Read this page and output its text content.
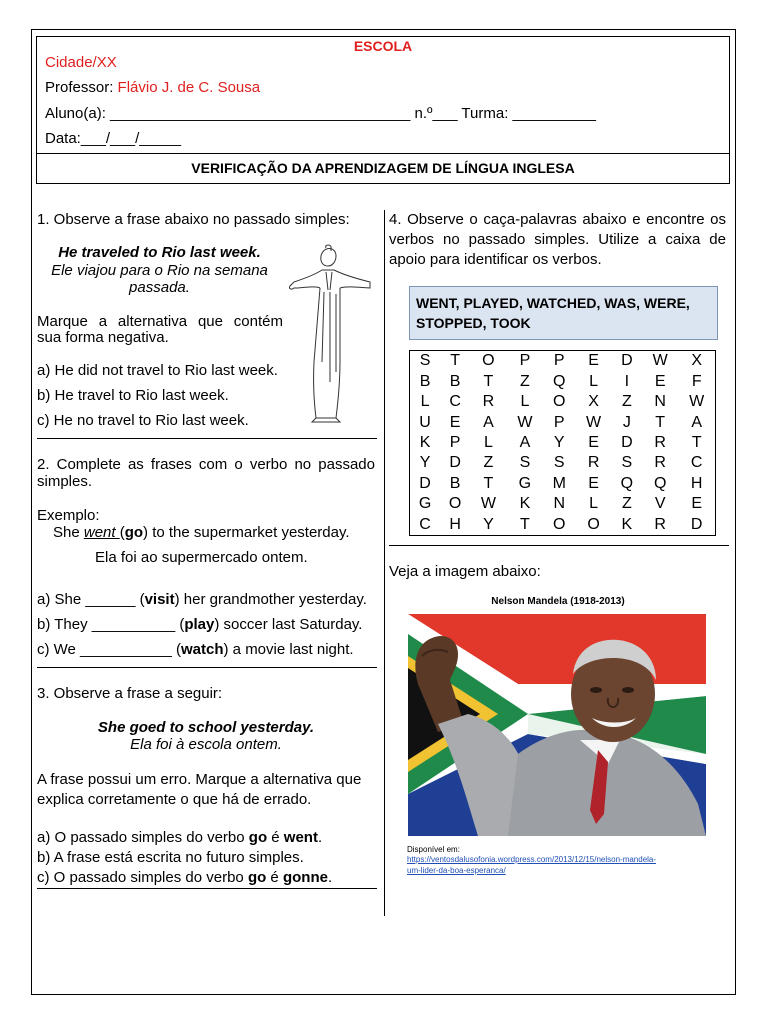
ESCOLA
Cidade/XX
Professor: Flávio J. de C. Sousa
Aluno(a): ____________________________________ n.º___ Turma: __________
Data:___/___/_____
VERIFICAÇÃO DA APRENDIZAGEM DE LÍNGUA INGLESA
1. Observe a frase abaixo no passado simples:
He traveled to Rio last week.
Ele viajou para o Rio na semana
passada.
Marque a alternativa que contém
sua forma negativa.
a) He did not travel to Rio last week.
b) He travel to Rio last week.
c) He no travel to Rio last week.
2. Complete as frases com o verbo no passado
simples.
Exemplo:
She went (go) to the supermarket yesterday.
Ela foi ao supermercado ontem.
a) She ______ (visit) her grandmother yesterday.
b) They __________ (play) soccer last Saturday.
c) We ___________ (watch) a movie last night.
3. Observe a frase a seguir:
She goed to school yesterday.
Ela foi à escola ontem.
A frase possui um erro. Marque a alternativa que
explica corretamente o que há de errado.
a) O passado simples do verbo go é went.
b) A frase está escrita no futuro simples.
c) O passado simples do verbo go é gonne.
4. Observe o caça-palavras abaixo e encontre os
verbos no passado simples. Utilize a caixa de
apoio para identificar os verbos.
WENT, PLAYED, WATCHED, WAS, WERE,
STOPPED, TOOK
S	T	O	P	P	E	D	W	X
B	B	T	Z	Q	L	I	E	F
L	C	R	L	O	X	Z	N	W
U	E	A	W	P	W	J	T	A
K	P	L	A	Y	E	D	R	T
Y	D	Z	S	S	R	S	R	C
D	B	T	G	M	E	Q	Q	H
G	O	W	K	N	L	Z	V	E
C	H	Y	T	O	O	K	R	D
Veja a imagem abaixo:
Nelson Mandela (1918-2013)
Disponível em:
https://ventosdalusofonia.wordpress.com/2013/12/15/nelson-mandela-um-lider-da-boa-esperanca/
